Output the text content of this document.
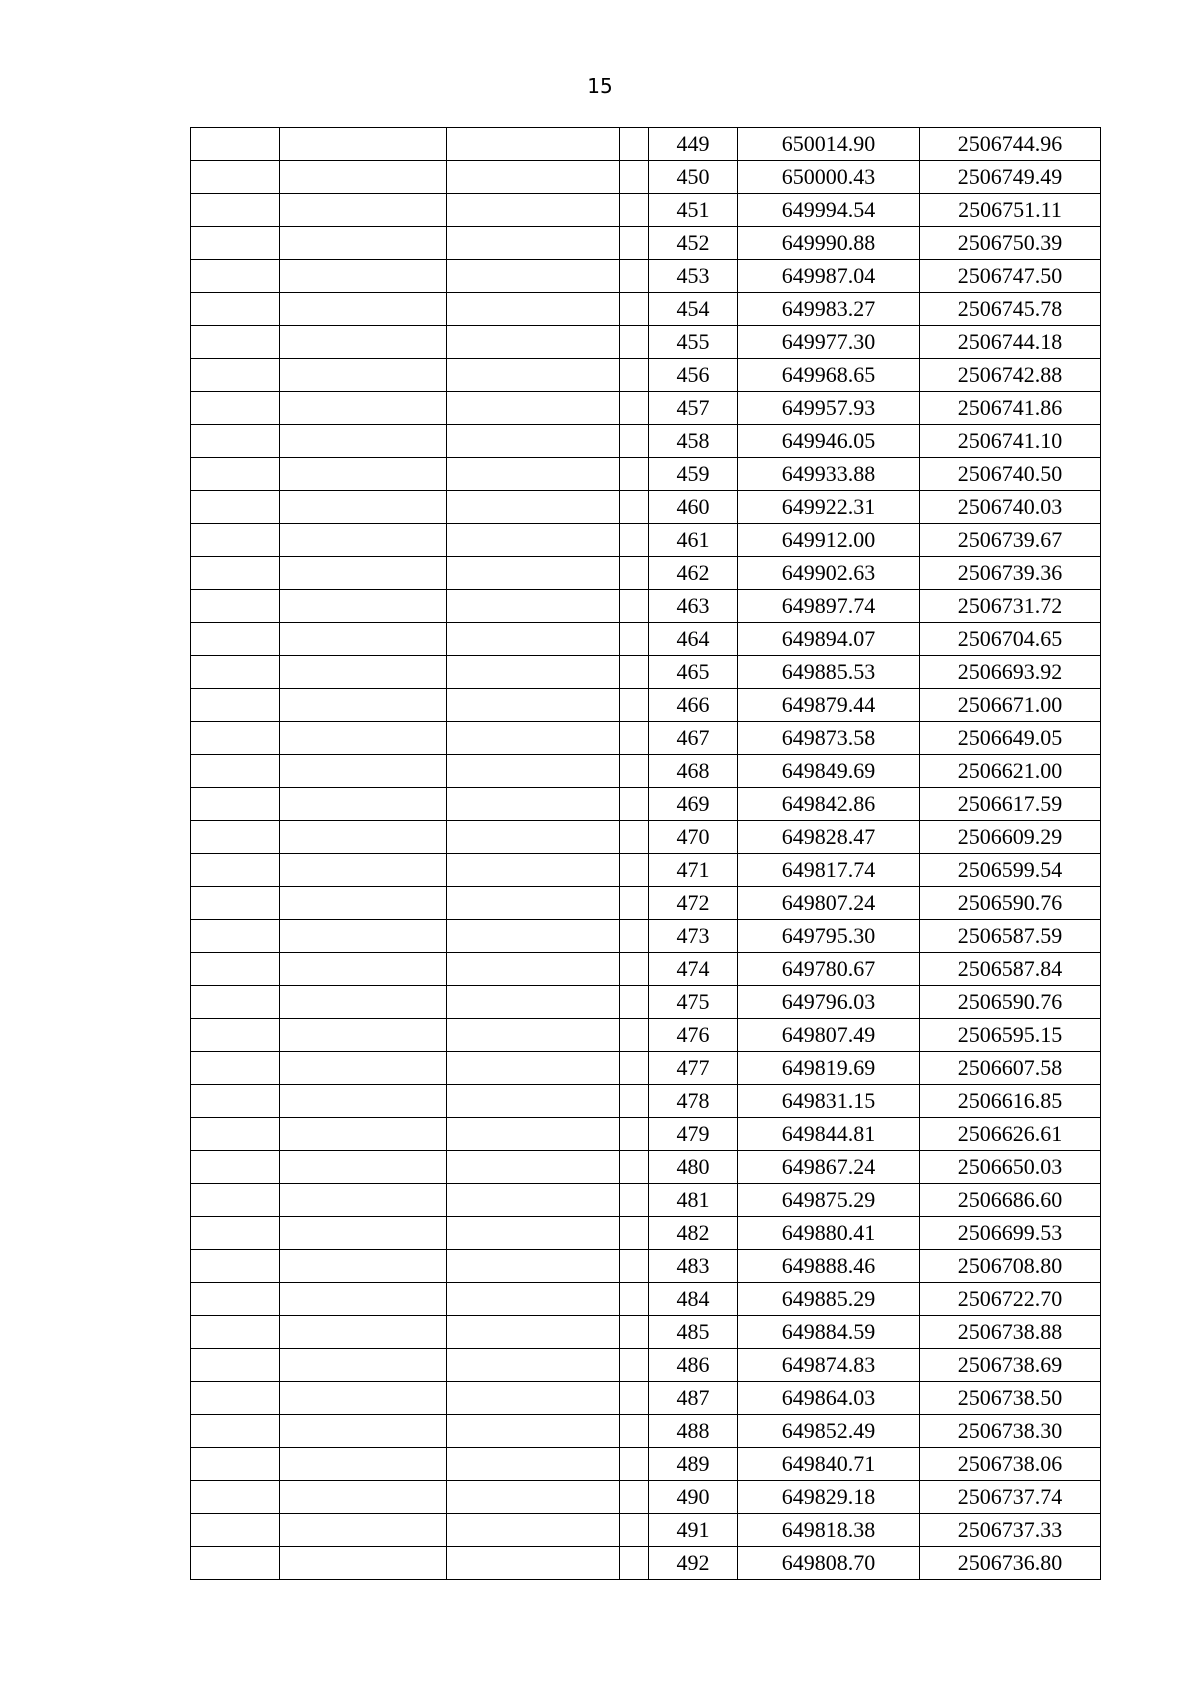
15
				449	650014.90	2506744.96
				450	650000.43	2506749.49
				451	649994.54	2506751.11
				452	649990.88	2506750.39
				453	649987.04	2506747.50
				454	649983.27	2506745.78
				455	649977.30	2506744.18
				456	649968.65	2506742.88
				457	649957.93	2506741.86
				458	649946.05	2506741.10
				459	649933.88	2506740.50
				460	649922.31	2506740.03
				461	649912.00	2506739.67
				462	649902.63	2506739.36
				463	649897.74	2506731.72
				464	649894.07	2506704.65
				465	649885.53	2506693.92
				466	649879.44	2506671.00
				467	649873.58	2506649.05
				468	649849.69	2506621.00
				469	649842.86	2506617.59
				470	649828.47	2506609.29
				471	649817.74	2506599.54
				472	649807.24	2506590.76
				473	649795.30	2506587.59
				474	649780.67	2506587.84
				475	649796.03	2506590.76
				476	649807.49	2506595.15
				477	649819.69	2506607.58
				478	649831.15	2506616.85
				479	649844.81	2506626.61
				480	649867.24	2506650.03
				481	649875.29	2506686.60
				482	649880.41	2506699.53
				483	649888.46	2506708.80
				484	649885.29	2506722.70
				485	649884.59	2506738.88
				486	649874.83	2506738.69
				487	649864.03	2506738.50
				488	649852.49	2506738.30
				489	649840.71	2506738.06
				490	649829.18	2506737.74
				491	649818.38	2506737.33
				492	649808.70	2506736.80
